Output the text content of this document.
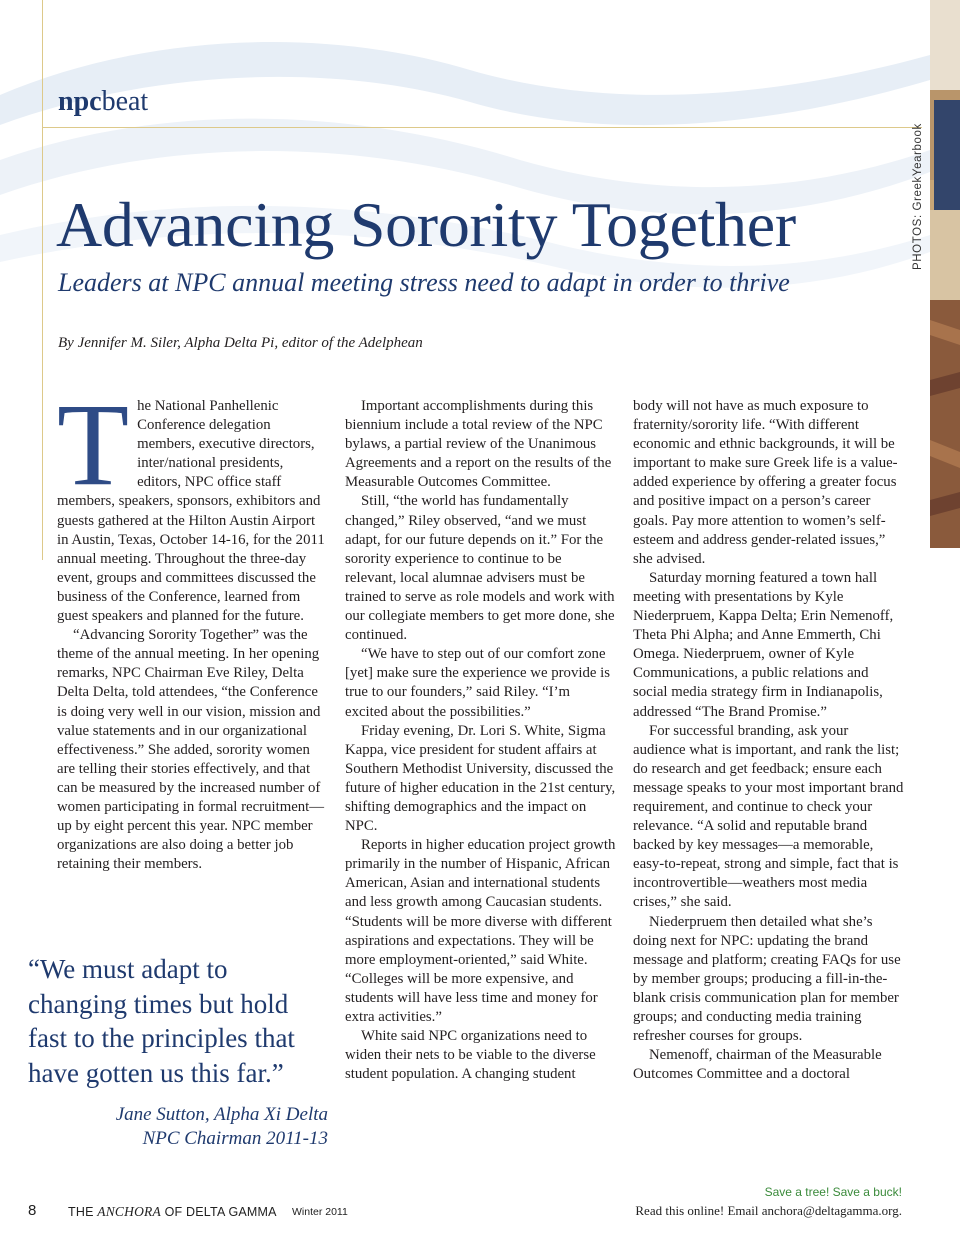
PHOTOS: GreekYearbook
npcbeat
Advancing Sorority Together
Leaders at NPC annual meeting stress need to adapt in order to thrive
By Jennifer M. Siler, Alpha Delta Pi, editor of the Adelphean
T he National Panhellenic Conference delegation members, executive directors, inter/national presidents, editors, NPC office staff members, speakers, sponsors, exhibitors and guests gathered at the Hilton Austin Airport in Austin, Texas, October 14-16, for the 2011 annual meeting. Throughout the three-day event, groups and committees discussed the business of the Conference, learned from guest speakers and planned for the future.

“Advancing Sorority Together” was the theme of the annual meeting. In her opening remarks, NPC Chairman Eve Riley, Delta Delta Delta, told attendees, “the Conference is doing very well in our vision, mission and value statements and in our organizational effectiveness.” She added, sorority women are telling their stories effectively, and that can be measured by the increased number of women participating in formal recruitment—up by eight percent this year. NPC member organizations are also doing a better job retaining their members.

Important accomplishments during this biennium include a total review of the NPC bylaws, a partial review of the Unanimous Agreements and a report on the results of the Measurable Outcomes Committee.

Still, “the world has fundamentally changed,” Riley observed, “and we must adapt, for our future depends on it.” For the sorority experience to continue to be relevant, local alumnae advisers must be trained to serve as role models and work with our collegiate members to get more done, she continued.

“We have to step out of our comfort zone [yet] make sure the experience we provide is true to our founders,” said Riley. “I’m excited about the possibilities.”

Friday evening, Dr. Lori S. White, Sigma Kappa, vice president for student affairs at Southern Methodist University, discussed the future of higher education in the 21st century, shifting demographics and the impact on NPC.

Reports in higher education project growth primarily in the number of Hispanic, African American, Asian and international students and less growth among Caucasian students. “Students will be more diverse with different aspirations and expectations. They will be more employment-oriented,” said White. “Colleges will be more expensive, and students will have less time and money for extra activities.”

White said NPC organizations need to widen their nets to be viable to the diverse student population. A changing student

body will not have as much exposure to fraternity/sorority life. “With different economic and ethnic backgrounds, it will be important to make sure Greek life is a value-added experience by offering a greater focus and positive impact on a person’s career goals. Pay more attention to women’s self-esteem and address gender-related issues,” she advised.

Saturday morning featured a town hall meeting with presentations by Kyle Niederpruem, Kappa Delta; Erin Nemenoff, Theta Phi Alpha; and Anne Emmerth, Chi Omega. Niederpruem, owner of Kyle Communications, a public relations and social media strategy firm in Indianapolis, addressed “The Brand Promise.”

For successful branding, ask your audience what is important, and rank the list; do research and get feedback; ensure each message speaks to your most important brand requirement, and continue to check your relevance. “A solid and reputable brand backed by key messages—a memorable, easy-to-repeat, strong and simple, fact that is incontrovertible—weathers most media crises,” she said.

Niederpruem then detailed what she’s doing next for NPC: updating the brand message and platform; creating FAQs for use by member groups; producing a fill-in-the-blank crisis communication plan for member groups; and conducting media training refresher courses for groups.

Nemenoff, chairman of the Measurable Outcomes Committee and a doctoral

“We must adapt to changing times but hold fast to the principles that have gotten us this far.”
Jane Sutton, Alpha Xi Delta
NPC Chairman 2011-13
8	THE ANCHORA OF DELTA GAMMA Winter 2011
Save a tree! Save a buck!
Read this online! Email anchora@deltagamma.org.
